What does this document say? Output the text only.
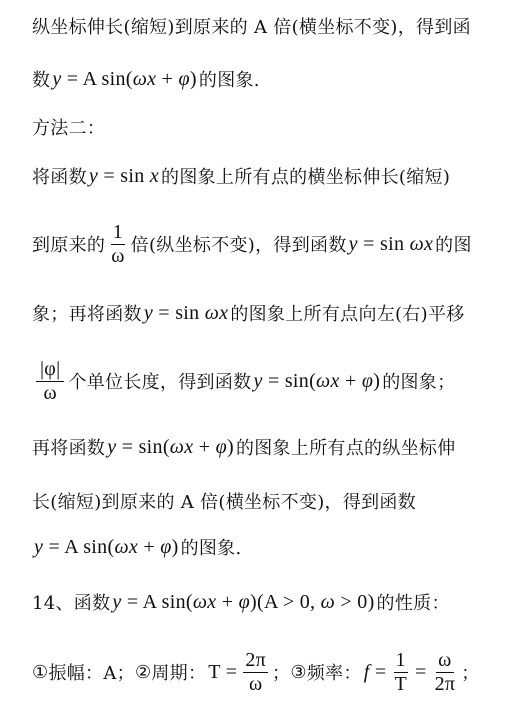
纵坐标伸长(缩短)到原来的 A 倍(横坐标不变)，得到函
数 y = A sin(ωx + φ) 的图象.
方法二：
将函数 y = sin x 的图象上所有点的横坐标伸长(缩短)
到原来的 $\frac{1}{\omega}$ 倍(纵坐标不变)，得到函数 y = sin ωx 的图
象；再将函数 y = sin ωx 的图象上所有点向左(右)平移
$\frac{|\varphi|}{\omega}$ 个单位长度，得到函数 y = sin(ωx + φ) 的图象；
再将函数 y = sin(ωx + φ) 的图象上所有点的纵坐标伸
长(缩短)到原来的 A 倍(横坐标不变)，得到函数
y = A sin(ωx + φ) 的图象.
14、函数 y = A sin(ωx + φ)(A > 0, ω > 0) 的性质：
① 振幅：A； ② 周期： $T = \frac{2\pi}{\omega}$ ； ③ 频率： $f = \frac{1}{T} = \frac{\omega}{2\pi}$ ；
